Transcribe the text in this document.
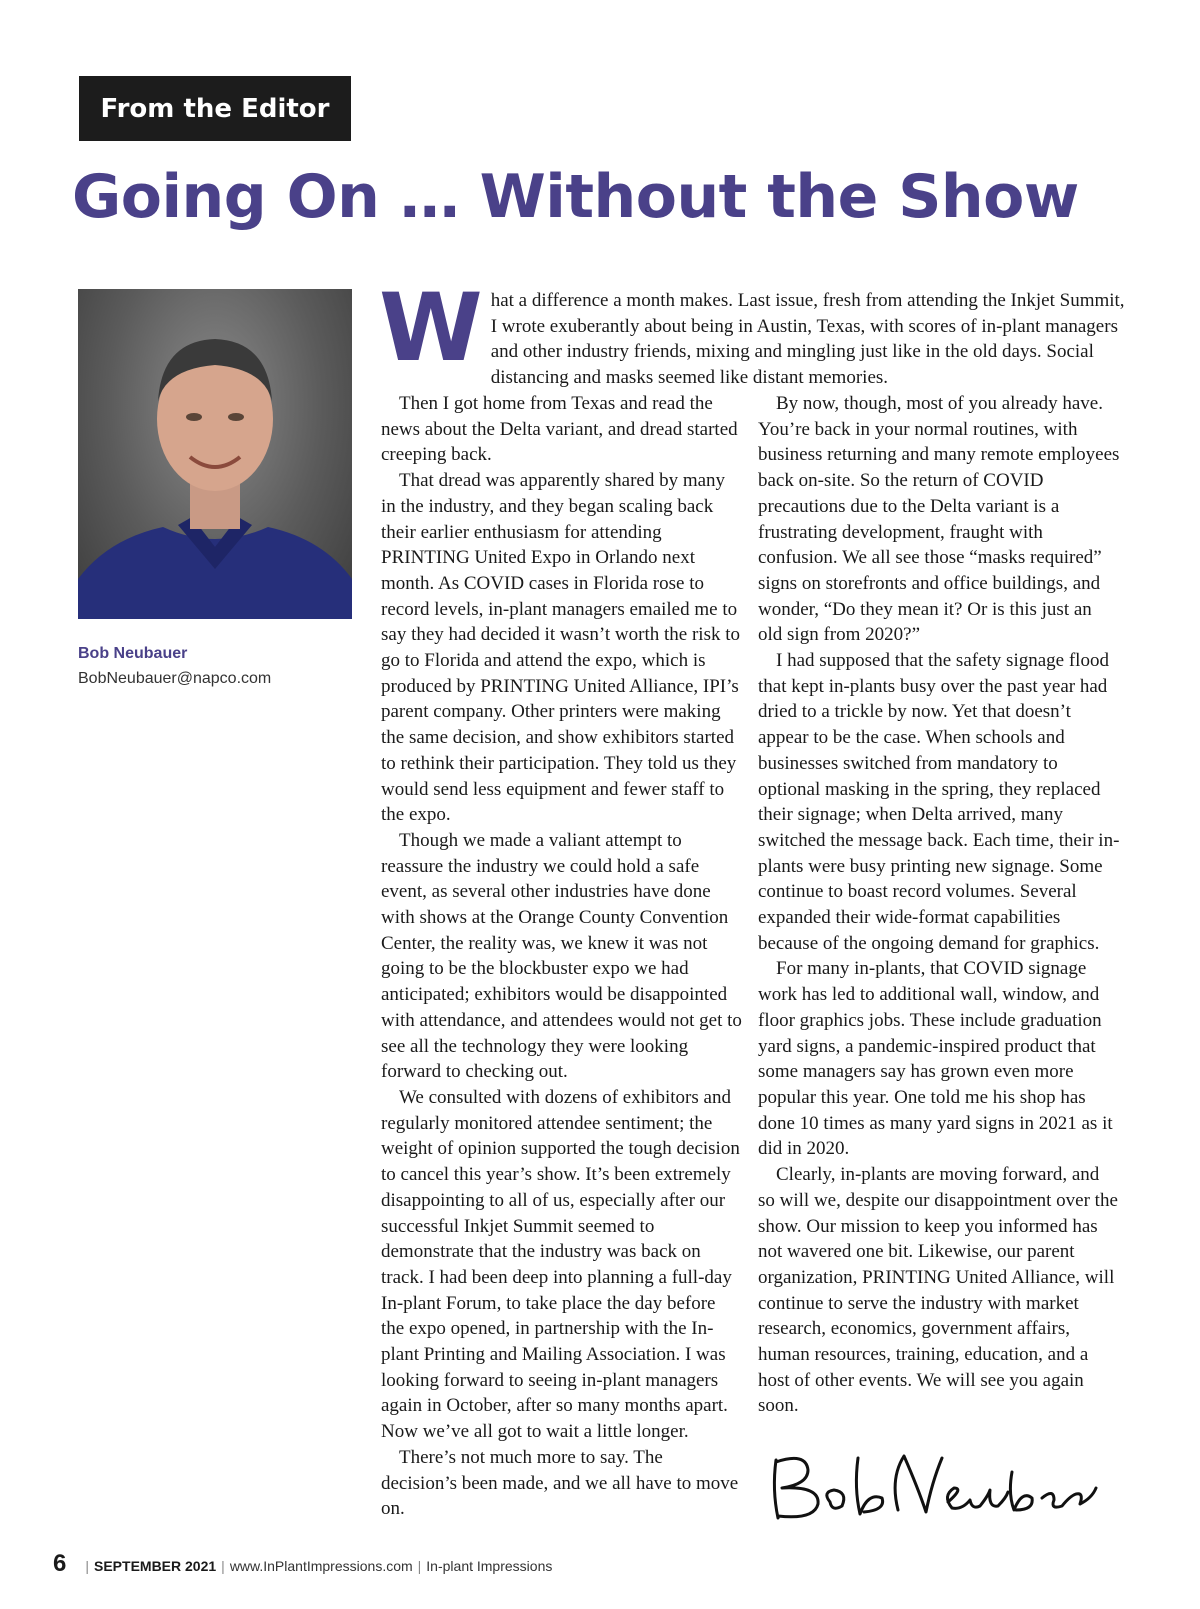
From the Editor
Going On … Without the Show
Bob Neubauer
BobNeubauer@napco.com

What a difference a month makes. Last issue, fresh from attending the Inkjet Summit, I wrote exuberantly about being in Austin, Texas, with scores of in-plant managers and other industry friends, mixing and mingling just like in the old days. Social distancing and masks seemed like distant memories.

Then I got home from Texas and read the news about the Delta variant, and dread started creeping back.

That dread was apparently shared by many in the industry, and they began scaling back their earlier enthusiasm for attending PRINTING United Expo in Orlando next month. As COVID cases in Florida rose to record levels, in-plant managers emailed me to say they had decided it wasn’t worth the risk to go to Florida and attend the expo, which is produced by PRINTING United Alliance, IPI’s parent company. Other printers were making the same decision, and show exhibitors started to rethink their participation. They told us they would send less equipment and fewer staff to the expo.

Though we made a valiant attempt to reassure the industry we could hold a safe event, as several other industries have done with shows at the Orange County Convention Center, the reality was, we knew it was not going to be the blockbuster expo we had anticipated; exhibitors would be disappointed with attendance, and attendees would not get to see all the technology they were looking forward to checking out.

We consulted with dozens of exhibitors and regularly monitored attendee sentiment; the weight of opinion supported the tough decision to cancel this year’s show. It’s been extremely disappointing to all of us, especially after our successful Inkjet Summit seemed to demonstrate that the industry was back on track. I had been deep into planning a full-day In-plant Forum, to take place the day before the expo opened, in partnership with the In-plant Printing and Mailing Association. I was looking forward to seeing in-plant managers again in October, after so many months apart. Now we’ve all got to wait a little longer.

There’s not much more to say. The decision’s been made, and we all have to move on.

By now, though, most of you already have. You’re back in your normal routines, with business returning and many remote employees back on-site. So the return of COVID precautions due to the Delta variant is a frustrating development, fraught with confusion. We all see those “masks required” signs on storefronts and office buildings, and wonder, “Do they mean it? Or is this just an old sign from 2020?”

I had supposed that the safety signage flood that kept in-plants busy over the past year had dried to a trickle by now. Yet that doesn’t appear to be the case. When schools and businesses switched from mandatory to optional masking in the spring, they replaced their signage; when Delta arrived, many switched the message back. Each time, their in-plants were busy printing new signage. Some continue to boast record volumes. Several expanded their wide-format capabilities because of the ongoing demand for graphics.

For many in-plants, that COVID signage work has led to additional wall, window, and floor graphics jobs. These include graduation yard signs, a pandemic-inspired product that some managers say has grown even more popular this year. One told me his shop has done 10 times as many yard signs in 2021 as it did in 2020.

Clearly, in-plants are moving forward, and so will we, despite our disappointment over the show. Our mission to keep you informed has not wavered one bit. Likewise, our parent organization, PRINTING United Alliance, will continue to serve the industry with market research, economics, government affairs, human resources, training, education, and a host of other events. We will see you again soon.

6 | SEPTEMBER 2021 | www.InPlantImpressions.com | In-plant Impressions
